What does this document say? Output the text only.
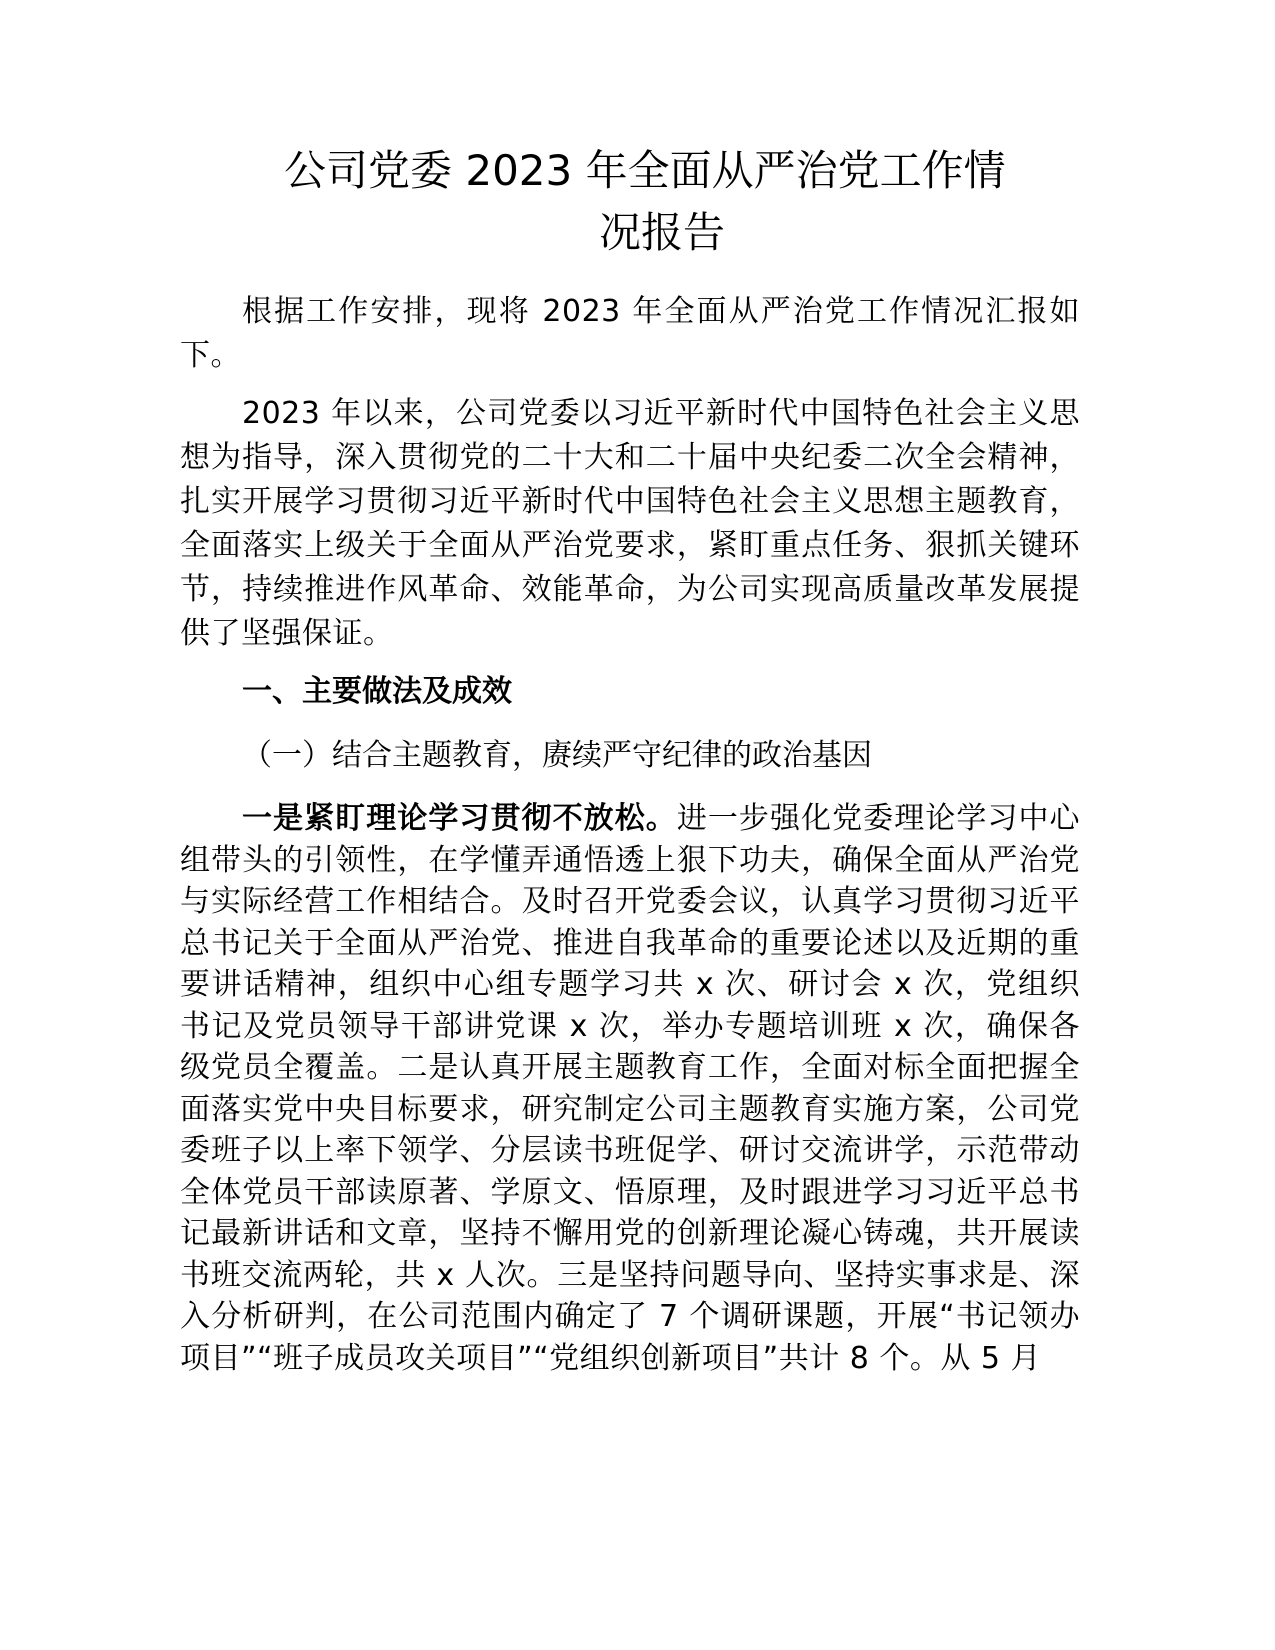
公司党委 2023 年全面从严治党工作情
况报告

根据工作安排，现将 2023 年全面从严治党工作情况汇报如下。

2023 年以来，公司党委以习近平新时代中国特色社会主义思想为指导，深入贯彻党的二十大和二十届中央纪委二次全会精神，扎实开展学习贯彻习近平新时代中国特色社会主义思想主题教育，全面落实上级关于全面从严治党要求，紧盯重点任务、狠抓关键环节，持续推进作风革命、效能革命，为公司实现高质量改革发展提供了坚强保证。

一、主要做法及成效

（一）结合主题教育，赓续严守纪律的政治基因

一是紧盯理论学习贯彻不放松。进一步强化党委理论学习中心组带头的引领性，在学懂弄通悟透上狠下功夫，确保全面从严治党与实际经营工作相结合。及时召开党委会议，认真学习贯彻习近平总书记关于全面从严治党、推进自我革命的重要论述以及近期的重要讲话精神，组织中心组专题学习共 x 次、研讨会 x 次，党组织书记及党员领导干部讲党课 x 次，举办专题培训班 x 次，确保各级党员全覆盖。二是认真开展主题教育工作，全面对标全面把握全面落实党中央目标要求，研究制定公司主题教育实施方案，公司党委班子以上率下领学、分层读书班促学、研讨交流讲学，示范带动全体党员干部读原著、学原文、悟原理，及时跟进学习习近平总书记最新讲话和文章，坚持不懈用党的创新理论凝心铸魂，共开展读书班交流两轮，共 x 人次。三是坚持问题导向、坚持实事求是、深入分析研判，在公司范围内确定了 7 个调研课题，开展“书记领办项目”“班子成员攻关项目”“党组织创新项目”共计 8 个。从 5 月
